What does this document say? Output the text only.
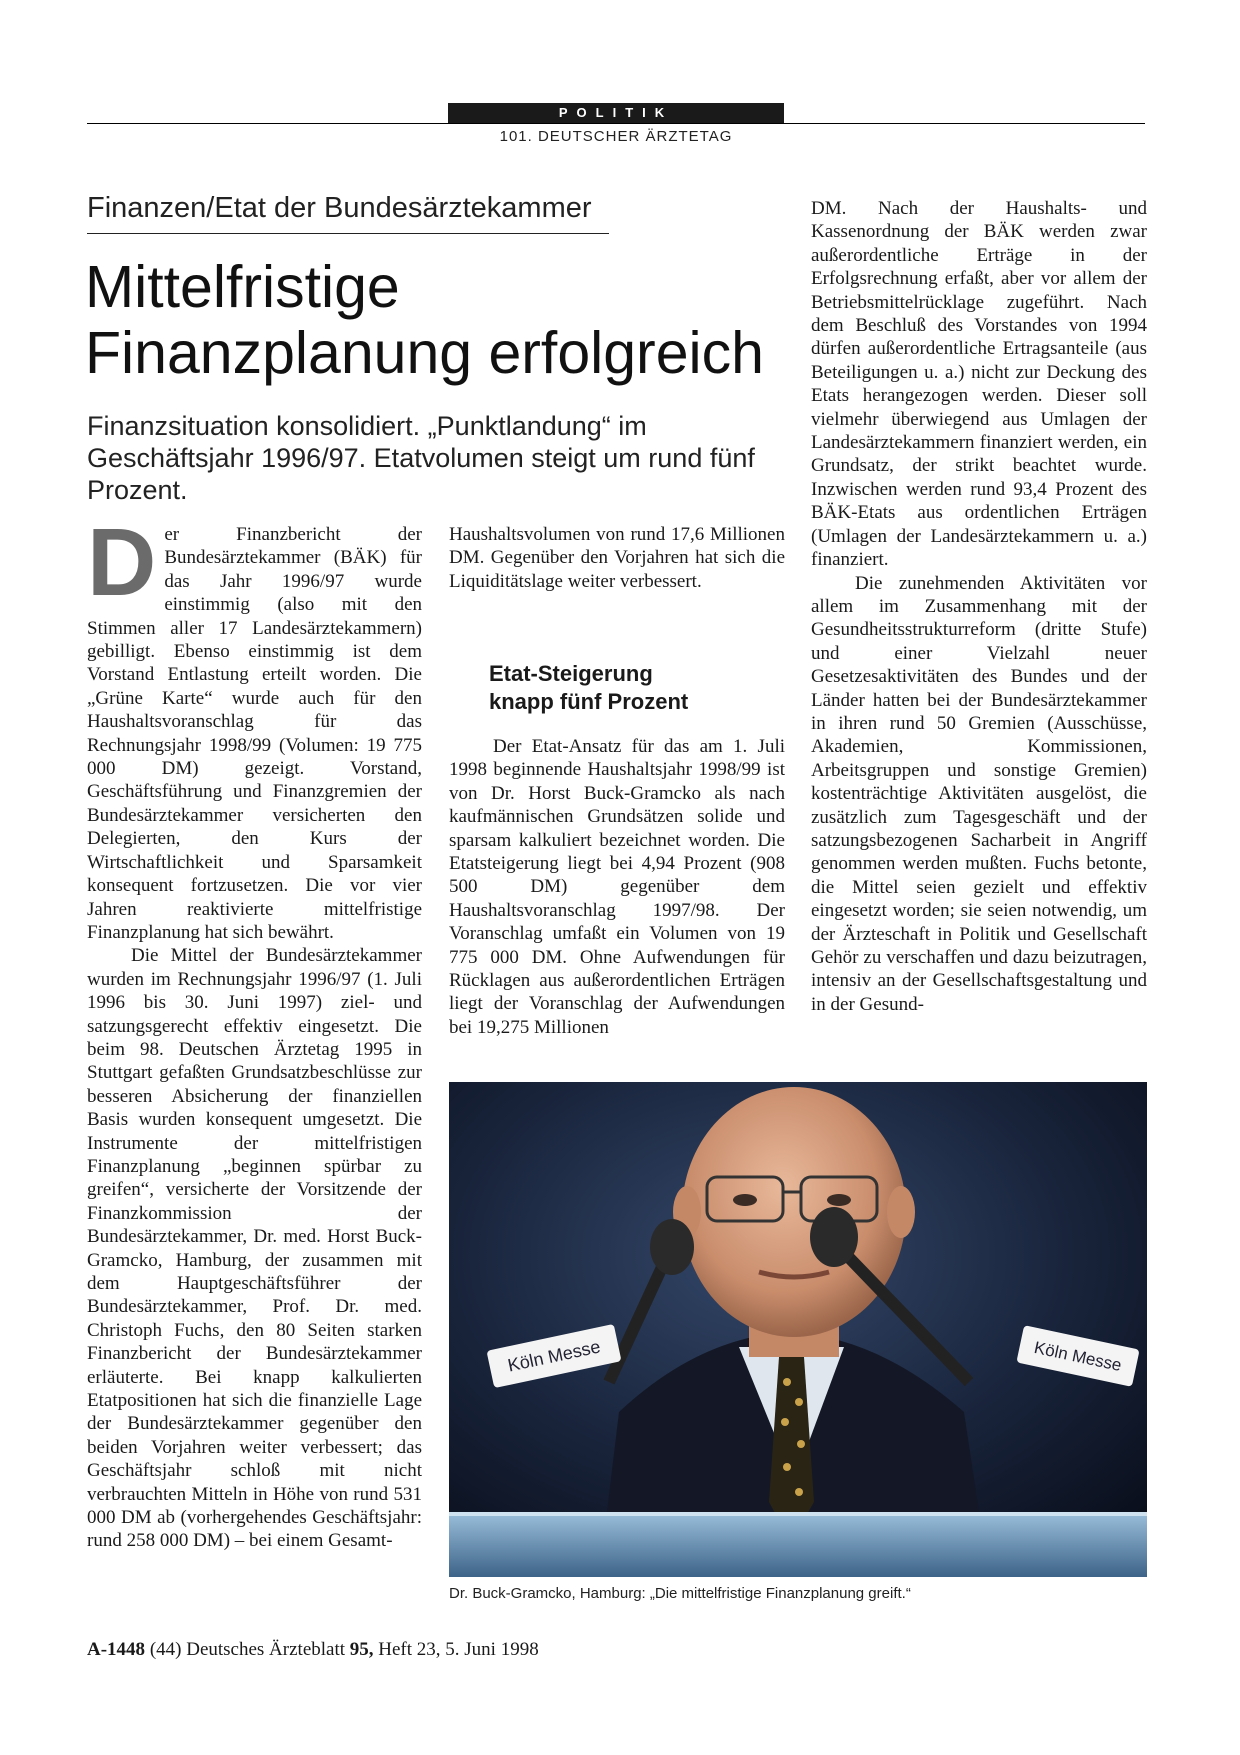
POLITIK
101. DEUTSCHER ÄRZTETAG
Finanzen/Etat der Bundesärztekammer
Mittelfristige
Finanzplanung erfolgreich
Finanzsituation konsolidiert. „Punktlandung“ im Geschäftsjahr 1996/97. Etatvolumen steigt um rund fünf Prozent.
D er Finanzbericht der Bundesärztekammer (BÄK) für das Jahr 1996/97 wurde einstimmig (also mit den Stimmen aller 17 Landesärztekammern) gebilligt. Ebenso einstimmig ist dem Vorstand Entlastung erteilt worden. Die „Grüne Karte“ wurde auch für den Haushaltsvoranschlag für das Rechnungsjahr 1998/99 (Volumen: 19 775 000 DM) gezeigt. Vorstand, Geschäftsführung und Finanzgremien der Bundesärztekammer versicherten den Delegierten, den Kurs der Wirtschaftlichkeit und Sparsamkeit konsequent fortzusetzen. Die vor vier Jahren reaktivierte mittelfristige Finanzplanung hat sich bewährt.

Die Mittel der Bundesärztekammer wurden im Rechnungsjahr 1996/97 (1. Juli 1996 bis 30. Juni 1997) ziel- und satzungsgerecht effektiv eingesetzt. Die beim 98. Deutschen Ärztetag 1995 in Stuttgart gefaßten Grundsatzbeschlüsse zur besseren Absicherung der finanziellen Basis wurden konsequent umgesetzt. Die Instrumente der mittelfristigen Finanzplanung „beginnen spürbar zu greifen“, versicherte der Vorsitzende der Finanzkommission der Bundesärztekammer, Dr. med. Horst Buck-Gramcko, Hamburg, der zusammen mit dem Hauptgeschäftsführer der Bundesärztekammer, Prof. Dr. med. Christoph Fuchs, den 80 Seiten starken Finanzbericht der Bundesärztekammer erläuterte. Bei knapp kalkulierten Etatpositionen hat sich die finanzielle Lage der Bundesärztekammer gegenüber den beiden Vorjahren weiter verbessert; das Geschäftsjahr schloß mit nicht verbrauchten Mitteln in Höhe von rund 531 000 DM ab (vorhergehendes Geschäftsjahr: rund 258 000 DM) – bei einem Gesamt-

Haushaltsvolumen von rund 17,6 Millionen DM. Gegenüber den Vorjahren hat sich die Liquiditätslage weiter verbessert.

Etat-Steigerung
knapp fünf Prozent

Der Etat-Ansatz für das am 1. Juli 1998 beginnende Haushaltsjahr 1998/99 ist von Dr. Horst Buck-Gramcko als nach kaufmännischen Grundsätzen solide und sparsam kalkuliert bezeichnet worden. Die Etatsteigerung liegt bei 4,94 Prozent (908 500 DM) gegenüber dem Haushaltsvoranschlag 1997/98. Der Voranschlag umfaßt ein Volumen von 19 775 000 DM. Ohne Aufwendungen für Rücklagen aus außerordentlichen Erträgen liegt der Voranschlag der Aufwendungen bei 19,275 Millionen

DM. Nach der Haushalts- und Kassenordnung der BÄK werden zwar außerordentliche Erträge in der Erfolgsrechnung erfaßt, aber vor allem der Betriebsmittelrücklage zugeführt. Nach dem Beschluß des Vorstandes von 1994 dürfen außerordentliche Ertragsanteile (aus Beteiligungen u. a.) nicht zur Deckung des Etats herangezogen werden. Dieser soll vielmehr überwiegend aus Umlagen der Landesärztekammern finanziert werden, ein Grundsatz, der strikt beachtet wurde. Inzwischen werden rund 93,4 Prozent des BÄK-Etats aus ordentlichen Erträgen (Umlagen der Landesärztekammern u. a.) finanziert.

Die zunehmenden Aktivitäten vor allem im Zusammenhang mit der Gesundheitsstrukturreform (dritte Stufe) und einer Vielzahl neuer Gesetzesaktivitäten des Bundes und der Länder hatten bei der Bundesärztekammer in ihren rund 50 Gremien (Ausschüsse, Akademien, Kommissionen, Arbeitsgruppen und sonstige Gremien) kostenträchtige Aktivitäten ausgelöst, die zusätzlich zum Tagesgeschäft und der satzungsbezogenen Sacharbeit in Angriff genommen werden mußten. Fuchs betonte, die Mittel seien gezielt und effektiv eingesetzt worden; sie seien notwendig, um der Ärzteschaft in Politik und Gesellschaft Gehör zu verschaffen und dazu beizutragen, intensiv an der Gesellschaftsgestaltung und in der Gesund-

Köln Messe	Köln Messe
Dr. Buck-Gramcko, Hamburg: „Die mittelfristige Finanzplanung greift.“
A-1448 (44) Deutsches Ärzteblatt 95, Heft 23, 5. Juni 1998
